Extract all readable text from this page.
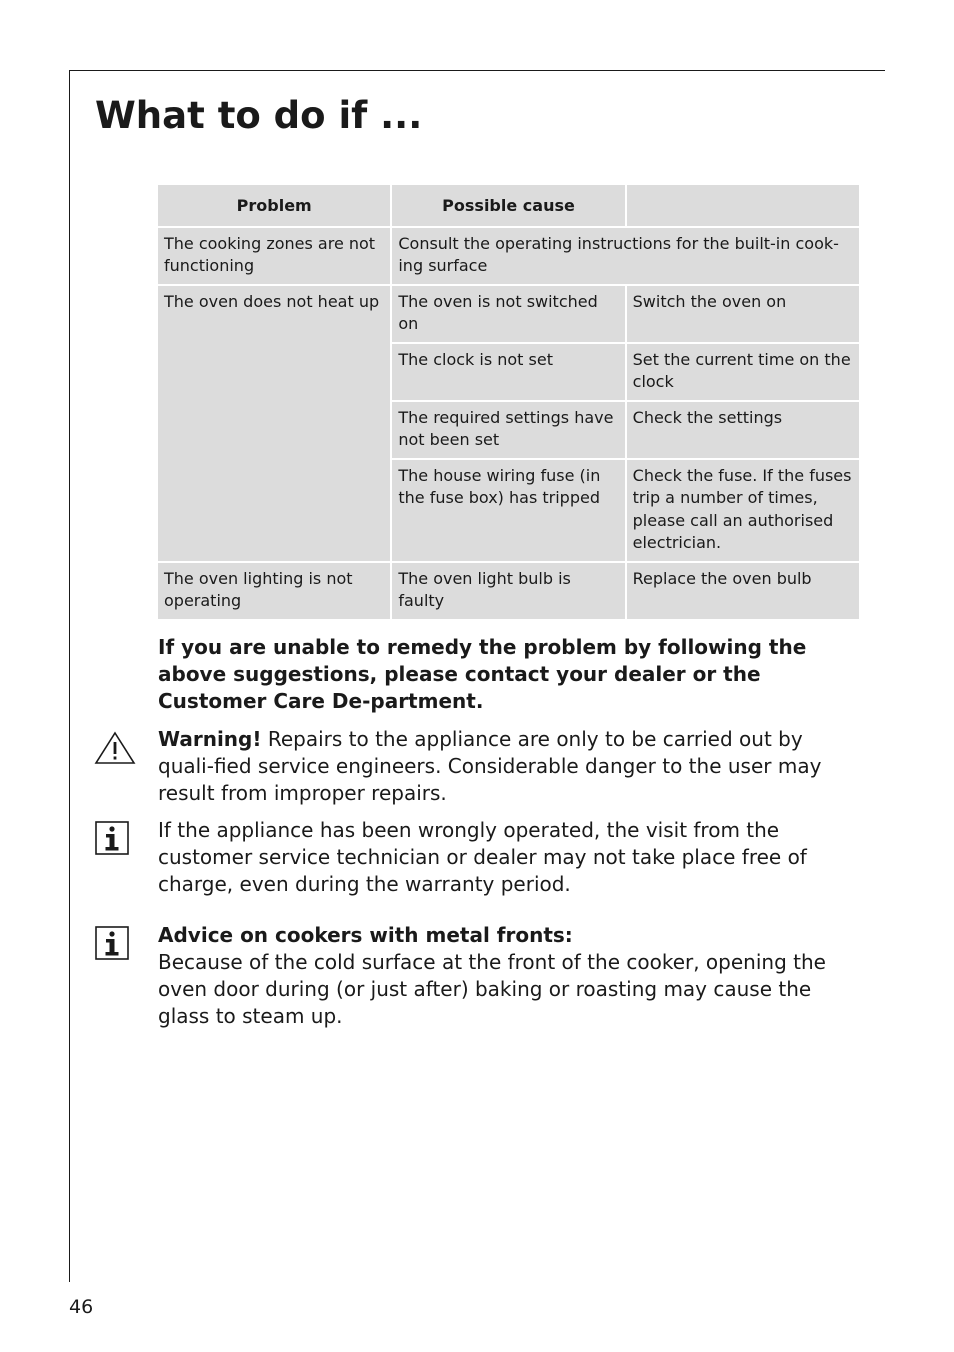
What to do if ...
Problem	Possible cause	
The cooking zones are not functioning	Consult the operating instructions for the built-in cook-ing surface	
The oven does not heat up	The oven is not switched on	Switch the oven on
	The clock is not set	Set the current time on the clock
	The required settings have not been set	Check the settings
	The house wiring fuse (in the fuse box) has tripped	Check the fuse. If the fuses trip a number of times, please call an authorised electrician.
The oven lighting is not operating	The oven light bulb is faulty	Replace the oven bulb

If you are unable to remedy the problem by following the above suggestions, please contact your dealer or the Customer Care De-partment.

Warning! Repairs to the appliance are only to be carried out by quali-fied service engineers. Considerable danger to the user may result from improper repairs.

If the appliance has been wrongly operated, the visit from the customer service technician or dealer may not take place free of charge, even during the warranty period.

Advice on cookers with metal fronts:
Because of the cold surface at the front of the cooker, opening the oven door during (or just after) baking or roasting may cause the glass to steam up.
46
